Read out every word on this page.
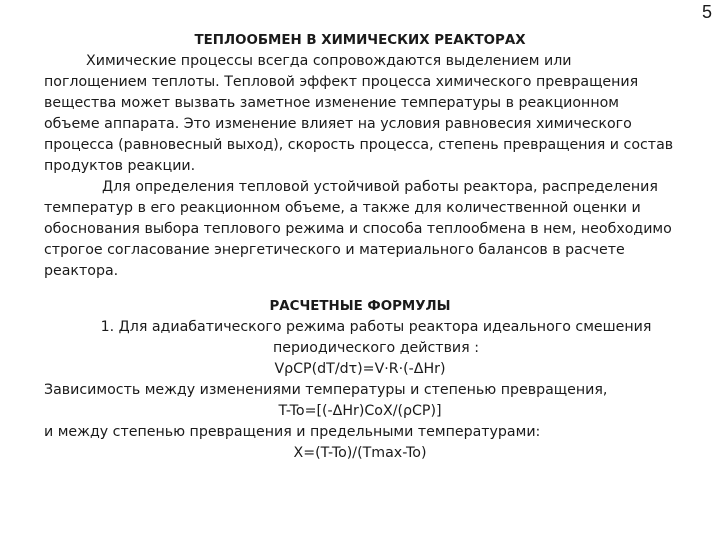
5

ТЕПЛООБМЕН В ХИМИЧЕСКИХ РЕАКТОРАХ

Химические процессы всегда сопровождаются выделением или поглощением теплоты. Тепловой эффект процесса химического превращения вещества может вызвать заметное изменение температуры в реакционном объеме аппарата. Это изменение влияет на условия равновесия химического процесса (равновесный выход), скорость процесса, степень превращения и состав продуктов реакции.

Для определения тепловой устойчивой работы реактора, распределения температур в его реакционном объеме, а также для количественной оценки и обоснования выбора теплового режима и способа теплообмена в нем, необходимо строгое согласование энергетического и материального балансов в расчете реактора.

РАСЧЕТНЫЕ ФОРМУЛЫ

1. Для адиабатического режима работы реактора идеального смешения периодического действия :

VρCP(dT/dτ)=V·R·(-ΔHr)

Зависимость между изменениями температуры и степенью превращения,

T-To=[(-ΔHr)CoX/(ρCP)]

и между степенью превращения и предельными температурами:

X=(T-To)/(Tmax-To)
